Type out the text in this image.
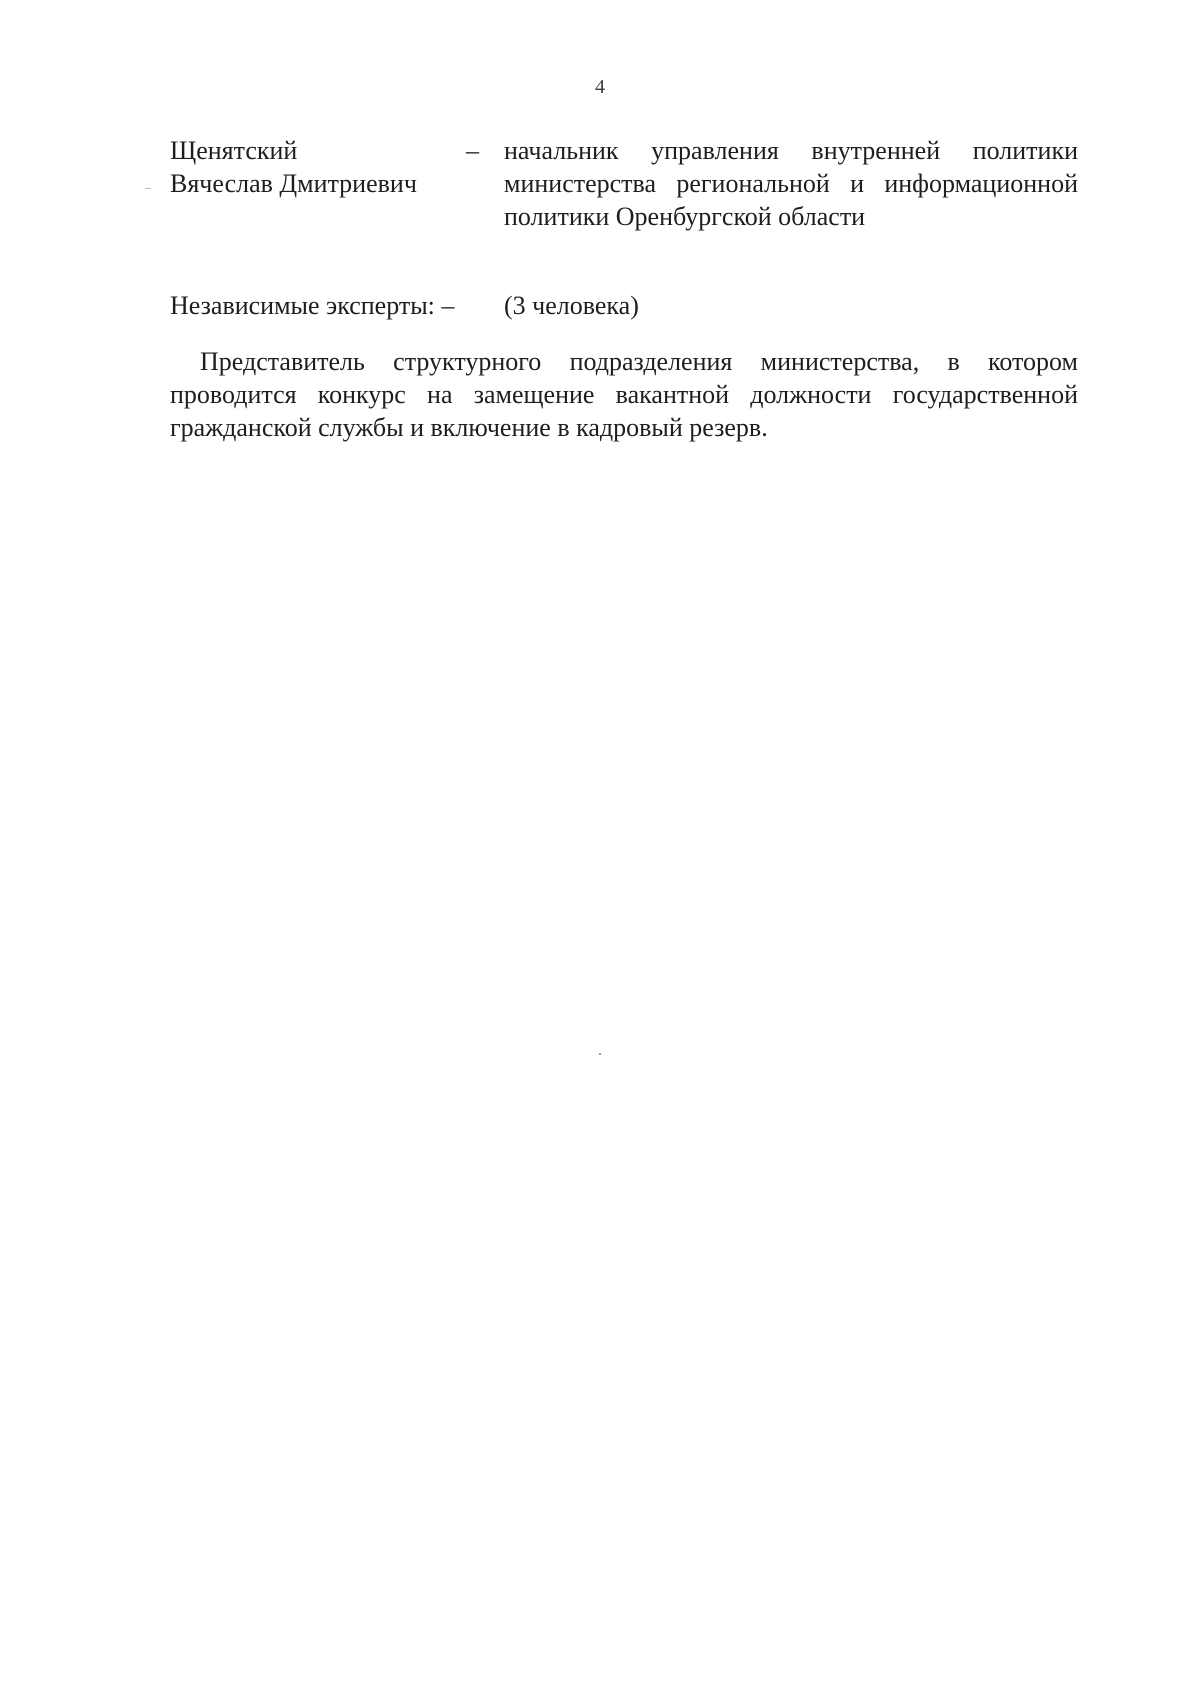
4
Щенятский
Вячеслав Дмитриевич
– начальник управления внутренней политики министерства региональной и информационной политики Оренбургской области
Независимые эксперты: – (3 человека)

Представитель структурного подразделения министерства, в котором проводится конкурс на замещение вакантной должности государственной гражданской службы и включение в кадровый резерв.
